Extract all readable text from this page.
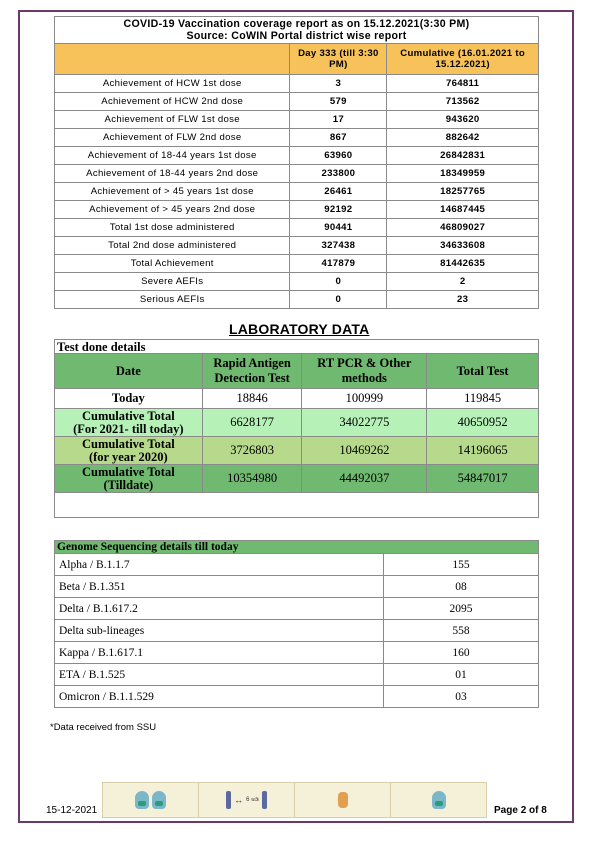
COVID-19 Vaccination coverage report as on 15.12.2021(3:30 PM)
Source: CoWIN Portal district wise report		

	Day 333 (till 3:30 PM)	Cumulative (16.01.2021 to 15.12.2021)
Achievement of HCW 1st dose	3	764811
Achievement of HCW 2nd dose	579	713562
Achievement of FLW 1st dose	17	943620
Achievement of FLW 2nd dose	867	882642
Achievement of 18-44 years 1st dose	63960	26842831
Achievement of 18-44 years 2nd dose	233800	18349959
Achievement of > 45 years 1st dose	26461	18257765
Achievement of > 45 years 2nd dose	92192	14687445
Total 1st dose administered	90441	46809027
Total 2nd dose administered	327438	34633608
Total Achievement	417879	81442635
Severe AEFIs	0	2
Serious AEFIs	0	23
LABORATORY DATA
Test done details			
Date	Rapid Antigen Detection Test	RT PCR & Other methods	Total Test
Today	18846	100999	119845

Cumulative Total
(For 2021- till today)	6628177	34022775	40650952

Cumulative Total
(for year 2020)	3726803	10469262	14196065

Cumulative Total
(Tilldate)	10354980	44492037	54847017

Genome Sequencing details till today	
Alpha / B.1.1.7	155
Beta / B.1.351	08
Delta / B.1.617.2	2095
Delta sub-lineages	558
Kappa / B.1.617.1	160
ETA / B.1.525	01
Omicron / B.1.1.529	03
*Data received from SSU
15-12-2021
↔ 6 ಅಡಿ
Page 2 of 8
